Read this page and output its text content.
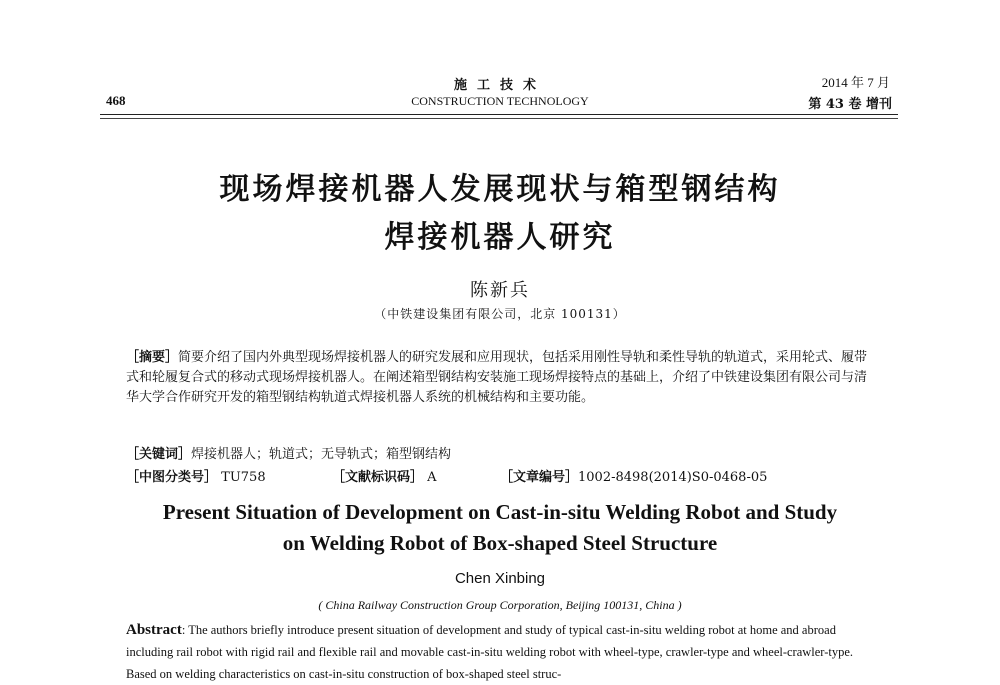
468
施工技术
CONSTRUCTION TECHNOLOGY
2014 年 7 月
第 43 卷 增刊
现场焊接机器人发展现状与箱型钢结构
焊接机器人研究
陈新兵
（中铁建设集团有限公司，北京 100131）
［摘要］简要介绍了国内外典型现场焊接机器人的研究发展和应用现状，包括采用刚性导轨和柔性导轨的轨道式，采用轮式、履带式和轮履复合式的移动式现场焊接机器人。在阐述箱型钢结构安装施工现场焊接特点的基础上，介绍了中铁建设集团有限公司与清华大学合作研究开发的箱型钢结构轨道式焊接机器人系统的机械结构和主要功能。
［关键词］焊接机器人；轨道式；无导轨式；箱型钢结构
［中图分类号］ TU758	［文献标识码］ A	［文章编号］1002-8498(2014)S0-0468-05
Present Situation of Development on Cast-in-situ Welding Robot and Study
on Welding Robot of Box-shaped Steel Structure
Chen Xinbing
( China Railway Construction Group Corporation, Beijing 100131, China )
Abstract: The authors briefly introduce present situation of development and study of typical cast-in-situ welding robot at home and abroad including rail robot with rigid rail and flexible rail and movable cast-in-situ welding robot with wheel-type, crawler-type and wheel-crawler-type. Based on welding characteristics on cast-in-situ construction of box-shaped steel struc-
